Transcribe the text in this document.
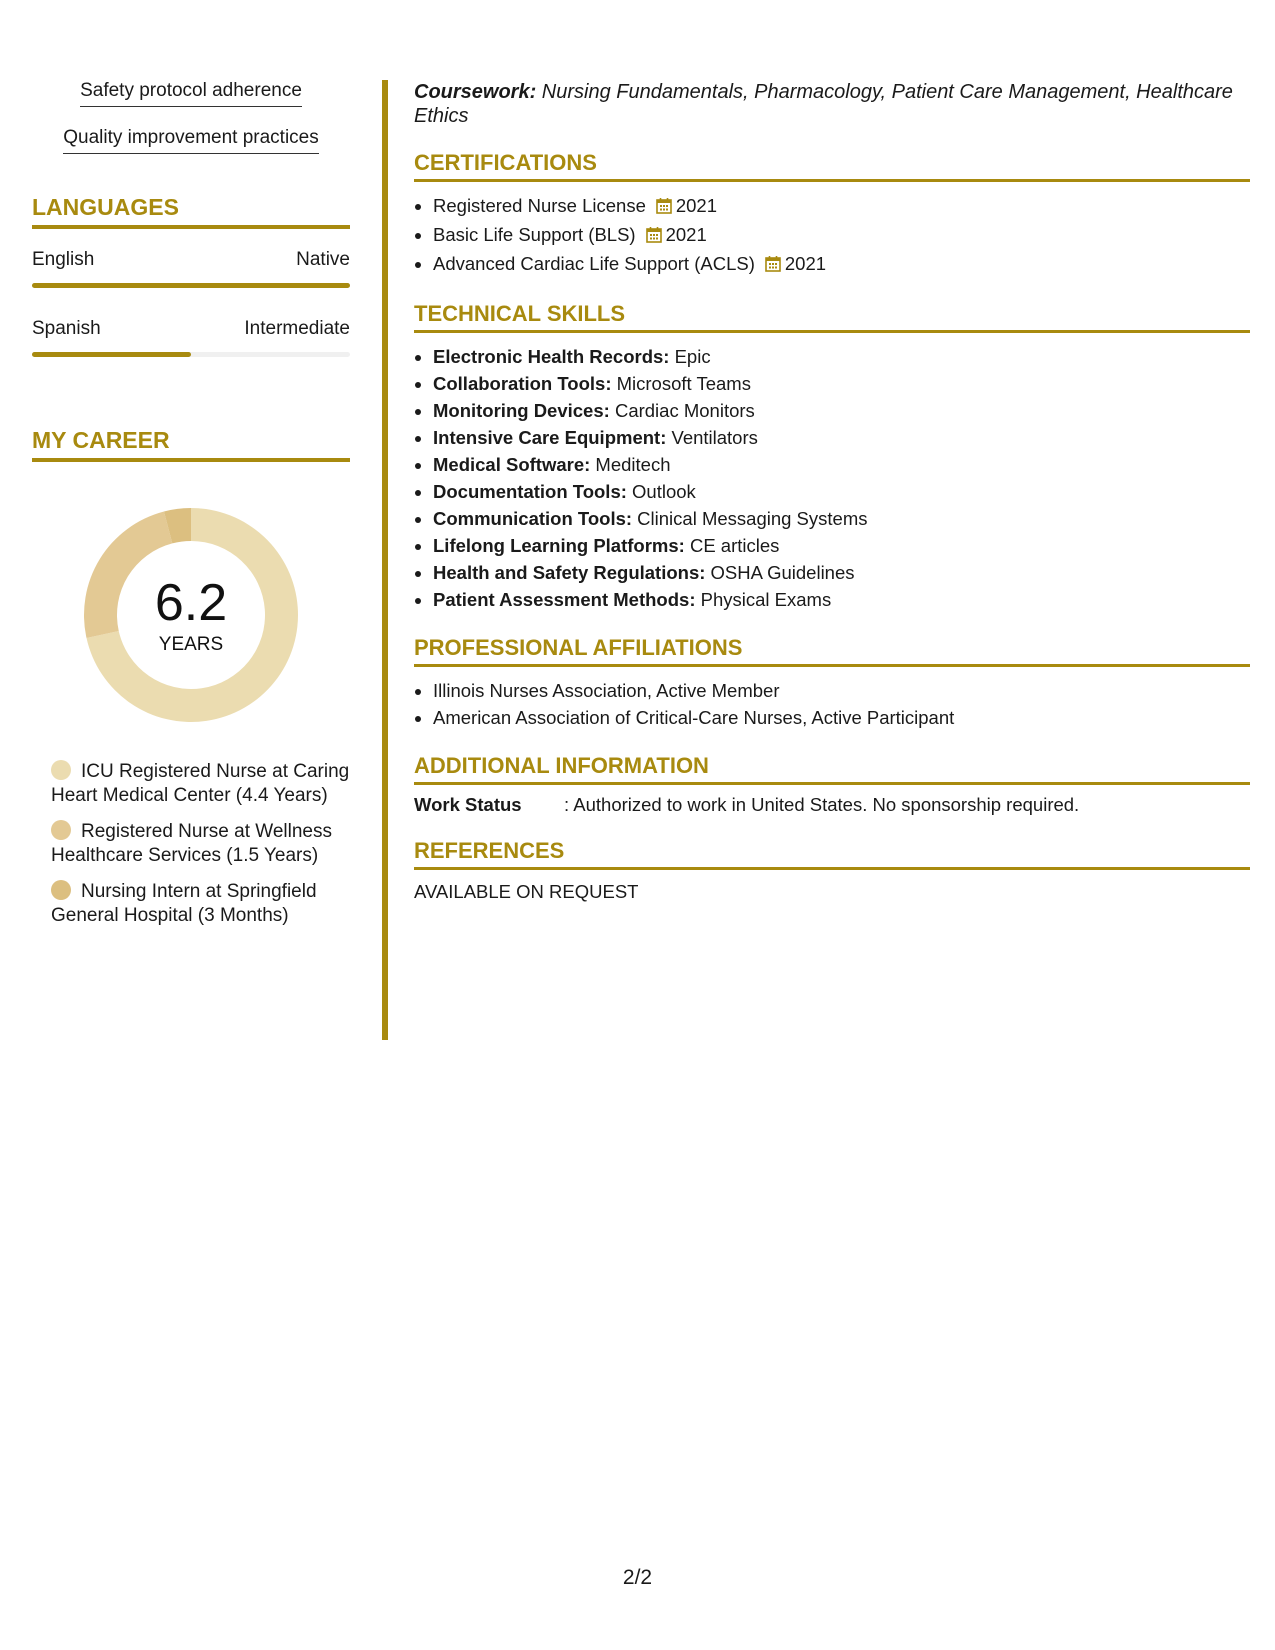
Safety protocol adherence
Quality improvement practices
LANGUAGES
English	Native
Spanish	Intermediate
MY CAREER
6.2
YEARS
ICU Registered Nurse at Caring Heart Medical Center (4.4 Years)
Registered Nurse at Wellness Healthcare Services (1.5 Years)
Nursing Intern at Springfield General Hospital (3 Months)
Coursework: Nursing Fundamentals, Pharmacology, Patient Care Management, Healthcare Ethics
CERTIFICATIONS
• Registered Nurse License 2021
• Basic Life Support (BLS) 2021
• Advanced Cardiac Life Support (ACLS) 2021
TECHNICAL SKILLS
• Electronic Health Records: Epic
• Collaboration Tools: Microsoft Teams
• Monitoring Devices: Cardiac Monitors
• Intensive Care Equipment: Ventilators
• Medical Software: Meditech
• Documentation Tools: Outlook
• Communication Tools: Clinical Messaging Systems
• Lifelong Learning Platforms: CE articles
• Health and Safety Regulations: OSHA Guidelines
• Patient Assessment Methods: Physical Exams
PROFESSIONAL AFFILIATIONS
• Illinois Nurses Association, Active Member
• American Association of Critical-Care Nurses, Active Participant
ADDITIONAL INFORMATION
Work Status	: Authorized to work in United States. No sponsorship required.
REFERENCES
AVAILABLE ON REQUEST
2/2
